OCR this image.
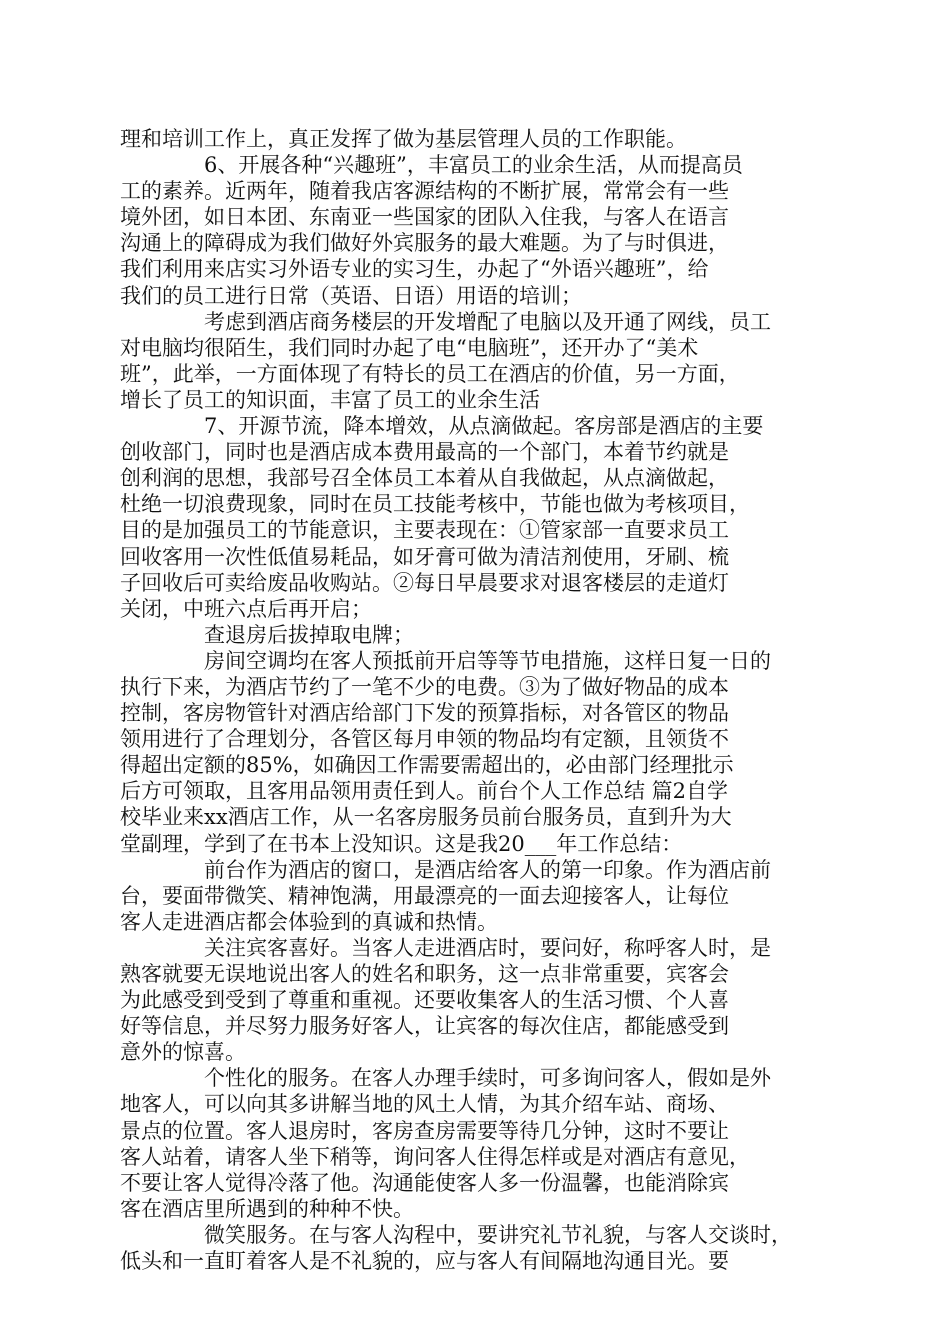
理和培训工作上，真正发挥了做为基层管理人员的工作职能。
6、开展各种“兴趣班”，丰富员工的业余生活，从而提高员
工的素养。近两年，随着我店客源结构的不断扩展，常常会有一些
境外团，如日本团、东南亚一些国家的团队入住我，与客人在语言
沟通上的障碍成为我们做好外宾服务的最大难题。为了与时俱进，
我们利用来店实习外语专业的实习生，办起了“外语兴趣班”，给
我们的员工进行日常（英语、日语）用语的培训；
考虑到酒店商务楼层的开发增配了电脑以及开通了网线，员工
对电脑均很陌生，我们同时办起了电“电脑班”，还开办了“美术
班”，此举，一方面体现了有特长的员工在酒店的价值，另一方面，
增长了员工的知识面，丰富了员工的业余生活
7、开源节流，降本增效，从点滴做起。客房部是酒店的主要
创收部门，同时也是酒店成本费用最高的一个部门，本着节约就是
创利润的思想，我部号召全体员工本着从自我做起，从点滴做起，
杜绝一切浪费现象，同时在员工技能考核中，节能也做为考核项目，
目的是加强员工的节能意识，主要表现在：①管家部一直要求员工
回收客用一次性低值易耗品，如牙膏可做为清洁剂使用，牙刷、梳
子回收后可卖给废品收购站。②每日早晨要求对退客楼层的走道灯
关闭，中班六点后再开启；
查退房后拔掉取电牌；
房间空调均在客人预抵前开启等等节电措施，这样日复一日的
执行下来，为酒店节约了一笔不少的电费。③为了做好物品的成本
控制，客房物管针对酒店给部门下发的预算指标，对各管区的物品
领用进行了合理划分，各管区每月申领的物品均有定额，且领货不
得超出定额的85%，如确因工作需要需超出的，必由部门经理批示
后方可领取，且客用品领用责任到人。前台个人工作总结 篇2自学
校毕业来xx酒店工作，从一名客房服务员前台服务员，直到升为大
堂副理，学到了在书本上没知识。这是我20___年工作总结：
前台作为酒店的窗口，是酒店给客人的第一印象。作为酒店前
台，要面带微笑、精神饱满，用最漂亮的一面去迎接客人，让每位
客人走进酒店都会体验到的真诚和热情。
关注宾客喜好。当客人走进酒店时，要问好，称呼客人时，是
熟客就要无误地说出客人的姓名和职务，这一点非常重要，宾客会
为此感受到受到了尊重和重视。还要收集客人的生活习惯、个人喜
好等信息，并尽努力服务好客人，让宾客的每次住店，都能感受到
意外的惊喜。
个性化的服务。在客人办理手续时，可多询问客人，假如是外
地客人，可以向其多讲解当地的风土人情，为其介绍车站、商场、
景点的位置。客人退房时，客房查房需要等待几分钟，这时不要让
客人站着，请客人坐下稍等，询问客人住得怎样或是对酒店有意见，
不要让客人觉得冷落了他。沟通能使客人多一份温馨，也能消除宾
客在酒店里所遇到的种种不快。
微笑服务。在与客人沟程中，要讲究礼节礼貌，与客人交谈时，
低头和一直盯着客人是不礼貌的，应与客人有间隔地沟通目光。要
